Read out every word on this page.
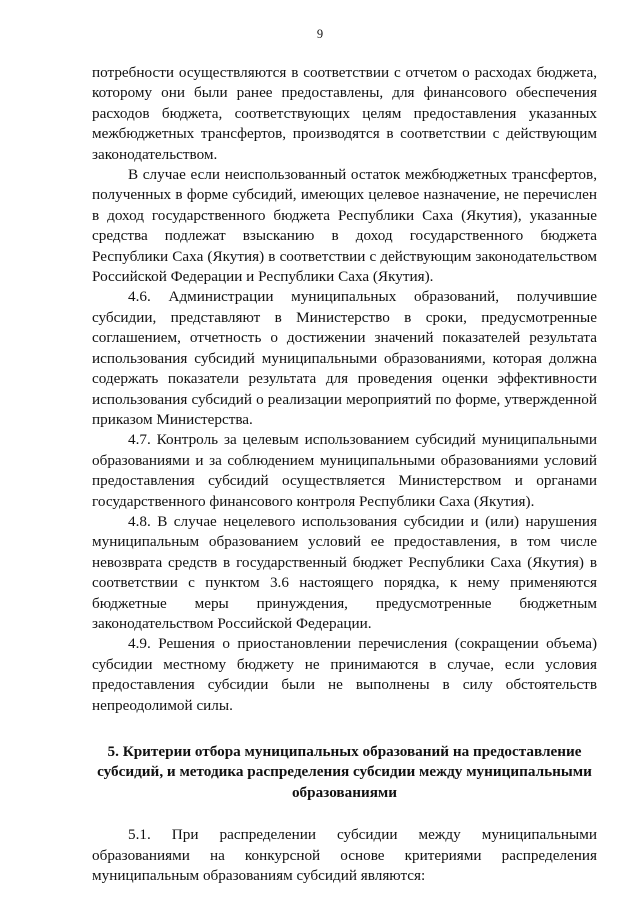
9

потребности осуществляются в соответствии с отчетом о расходах бюджета, которому они были ранее предоставлены, для финансового обеспечения расходов бюджета, соответствующих целям предоставления указанных межбюджетных трансфертов, производятся в соответствии с действующим законодательством.

В случае если неиспользованный остаток межбюджетных трансфертов, полученных в форме субсидий, имеющих целевое назначение, не перечислен в доход государственного бюджета Республики Саха (Якутия), указанные средства подлежат взысканию в доход государственного бюджета Республики Саха (Якутия) в соответствии с действующим законодательством Российской Федерации и Республики Саха (Якутия).

4.6. Администрации муниципальных образований, получившие субсидии, представляют в Министерство в сроки, предусмотренные соглашением, отчетность о достижении значений показателей результата использования субсидий муниципальными образованиями, которая должна содержать показатели результата для проведения оценки эффективности использования субсидий о реализации мероприятий по форме, утвержденной приказом Министерства.

4.7. Контроль за целевым использованием субсидий муниципальными образованиями и за соблюдением муниципальными образованиями условий предоставления субсидий осуществляется Министерством и органами государственного финансового контроля Республики Саха (Якутия).

4.8. В случае нецелевого использования субсидии и (или) нарушения муниципальным образованием условий ее предоставления, в том числе невозврата средств в государственный бюджет Республики Саха (Якутия) в соответствии с пунктом 3.6 настоящего порядка, к нему применяются бюджетные меры принуждения, предусмотренные бюджетным законодательством Российской Федерации.

4.9. Решения о приостановлении перечисления (сокращении объема) субсидии местному бюджету не принимаются в случае, если условия предоставления субсидии были не выполнены в силу обстоятельств непреодолимой силы.

5. Критерии отбора муниципальных образований на предоставление субсидий, и методика распределения субсидии между муниципальными образованиями

5.1. При распределении субсидии между муниципальными образованиями на конкурсной основе критериями распределения муниципальным образованиям субсидий являются:
